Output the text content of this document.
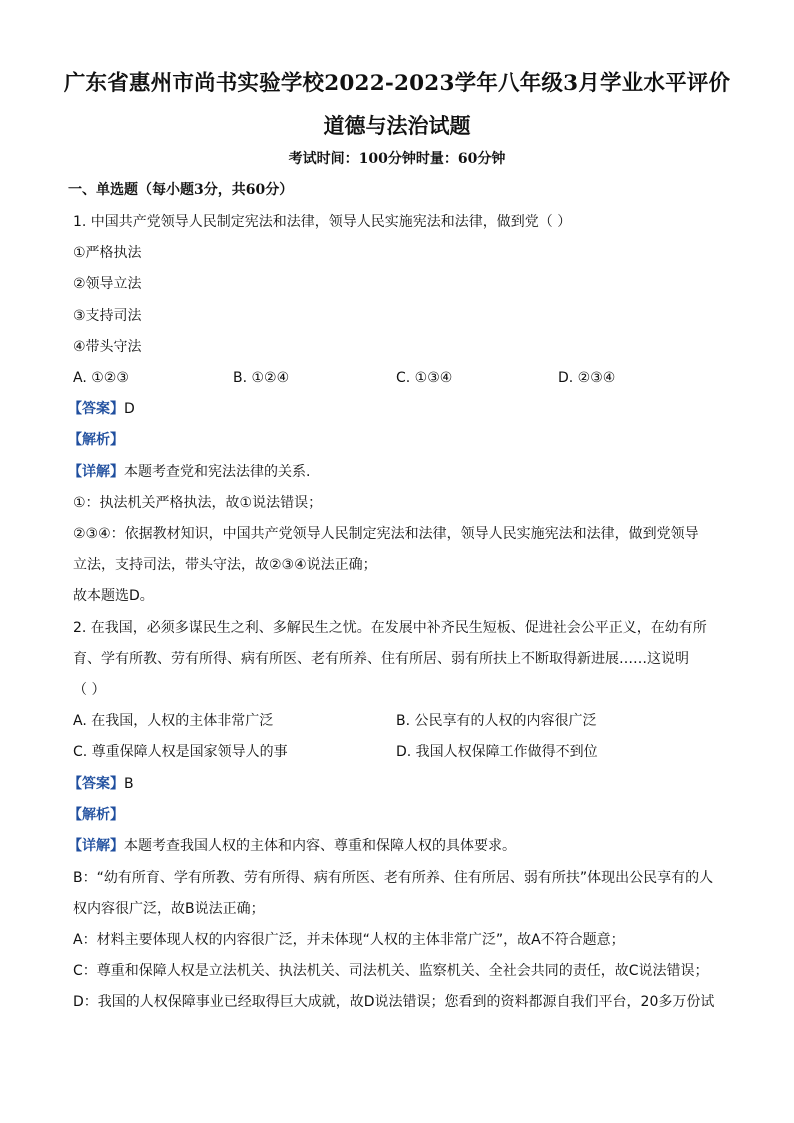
广东省惠州市尚书实验学校2022-2023学年八年级3月学业水平评价
道德与法治试题
考试时间：100分钟时量：60分钟
一、单选题（每小题3分，共60分）
1. 中国共产党领导人民制定宪法和法律，领导人民实施宪法和法律，做到党（ ）
①严格执法
②领导立法
③支持司法
④带头守法
A. ①②③	B. ①②④	C. ①③④	D. ②③④
【答案】D
【解析】
【详解】本题考查党和宪法法律的关系.
①：执法机关严格执法，故①说法错误；
②③④：依据教材知识，中国共产党领导人民制定宪法和法律，领导人民实施宪法和法律，做到党领导
立法，支持司法，带头守法，故②③④说法正确；
故本题选D。
2. 在我国，必须多谋民生之利、多解民生之忧。在发展中补齐民生短板、促进社会公平正义，在幼有所
育、学有所教、劳有所得、病有所医、老有所养、住有所居、弱有所扶上不断取得新进展……这说明
（ ）
A. 在我国，人权的主体非常广泛	B. 公民享有的人权的内容很广泛
C. 尊重保障人权是国家领导人的事	D. 我国人权保障工作做得不到位
【答案】B
【解析】
【详解】本题考查我国人权的主体和内容、尊重和保障人权的具体要求。
B：“幼有所育、学有所教、劳有所得、病有所医、老有所养、住有所居、弱有所扶”体现出公民享有的人
权内容很广泛，故B说法正确；
A：材料主要体现人权的内容很广泛，并未体现“人权的主体非常广泛”，故A不符合题意；
C：尊重和保障人权是立法机关、执法机关、司法机关、监察机关、全社会共同的责任，故C说法错误；
D：我国的人权保障事业已经取得巨大成就，故D说法错误；您看到的资料都源自我们平台，20多万份试
